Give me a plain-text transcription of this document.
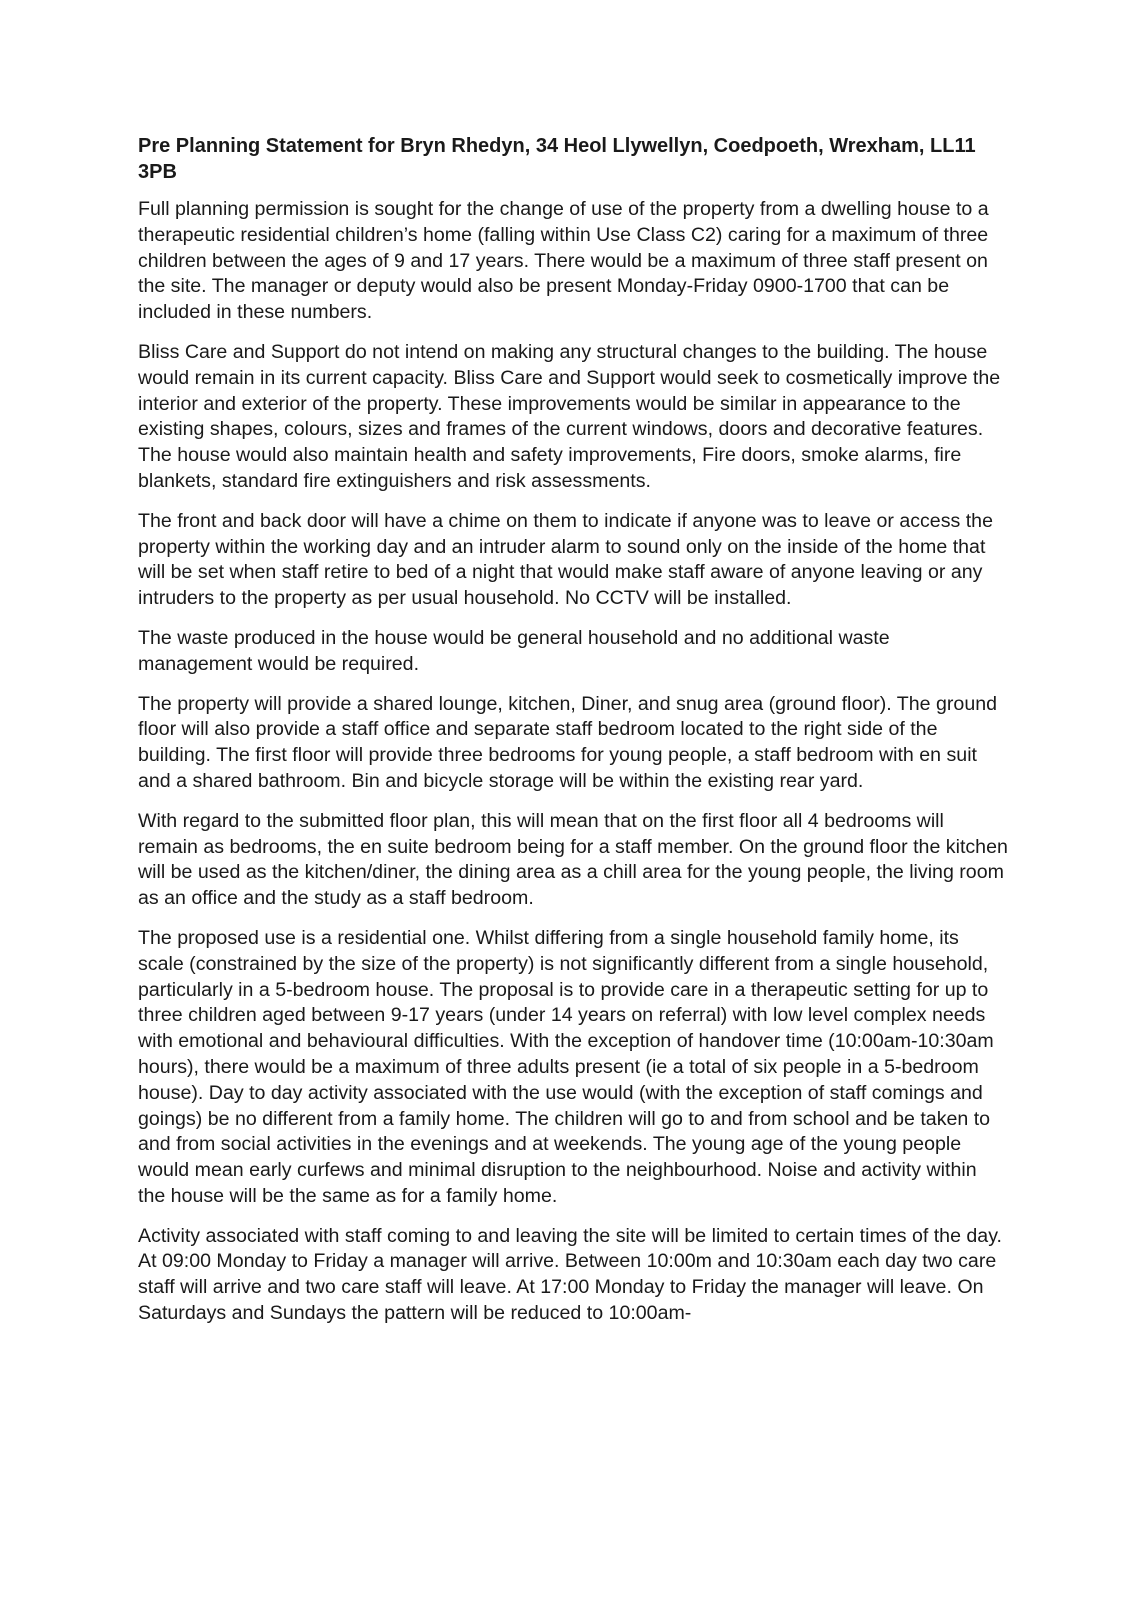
Pre Planning Statement for Bryn Rhedyn, 34 Heol Llywellyn, Coedpoeth, Wrexham, LL11 3PB

Full planning permission is sought for the change of use of the property from a dwelling house to a therapeutic residential children’s home (falling within Use Class C2) caring for a maximum of three children between the ages of 9 and 17 years. There would be a maximum of three staff present on the site. The manager or deputy would also be present Monday-Friday 0900-1700 that can be included in these numbers.

Bliss Care and Support do not intend on making any structural changes to the building. The house would remain in its current capacity. Bliss Care and Support would seek to cosmetically improve the interior and exterior of the property. These improvements would be similar in appearance to the existing shapes, colours, sizes and frames of the current windows, doors and decorative features. The house would also maintain health and safety improvements, Fire doors, smoke alarms, fire blankets, standard fire extinguishers and risk assessments.

The front and back door will have a chime on them to indicate if anyone was to leave or access the property within the working day and an intruder alarm to sound only on the inside of the home that will be set when staff retire to bed of a night that would make staff aware of anyone leaving or any intruders to the property as per usual household. No CCTV will be installed.

The waste produced in the house would be general household and no additional waste management would be required.

The property will provide a shared lounge, kitchen, Diner, and snug area (ground floor). The ground floor will also provide a staff office and separate staff bedroom located to the right side of the building. The first floor will provide three bedrooms for young people, a staff bedroom with en suit and a shared bathroom. Bin and bicycle storage will be within the existing rear yard.

With regard to the submitted floor plan, this will mean that on the first floor all 4 bedrooms will remain as bedrooms, the en suite bedroom being for a staff member. On the ground floor the kitchen will be used as the kitchen/diner, the dining area as a chill area for the young people, the living room as an office and the study as a staff bedroom.

The proposed use is a residential one. Whilst differing from a single household family home, its scale (constrained by the size of the property) is not significantly different from a single household, particularly in a 5-bedroom house. The proposal is to provide care in a therapeutic setting for up to three children aged between 9-17 years (under 14 years on referral) with low level complex needs with emotional and behavioural difficulties. With the exception of handover time (10:00am-10:30am hours), there would be a maximum of three adults present (ie a total of six people in a 5-bedroom house). Day to day activity associated with the use would (with the exception of staff comings and goings) be no different from a family home. The children will go to and from school and be taken to and from social activities in the evenings and at weekends. The young age of the young people would mean early curfews and minimal disruption to the neighbourhood. Noise and activity within the house will be the same as for a family home.

Activity associated with staff coming to and leaving the site will be limited to certain times of the day. At 09:00 Monday to Friday a manager will arrive. Between 10:00m and 10:30am each day two care staff will arrive and two care staff will leave. At 17:00 Monday to Friday the manager will leave. On Saturdays and Sundays the pattern will be reduced to 10:00am-
